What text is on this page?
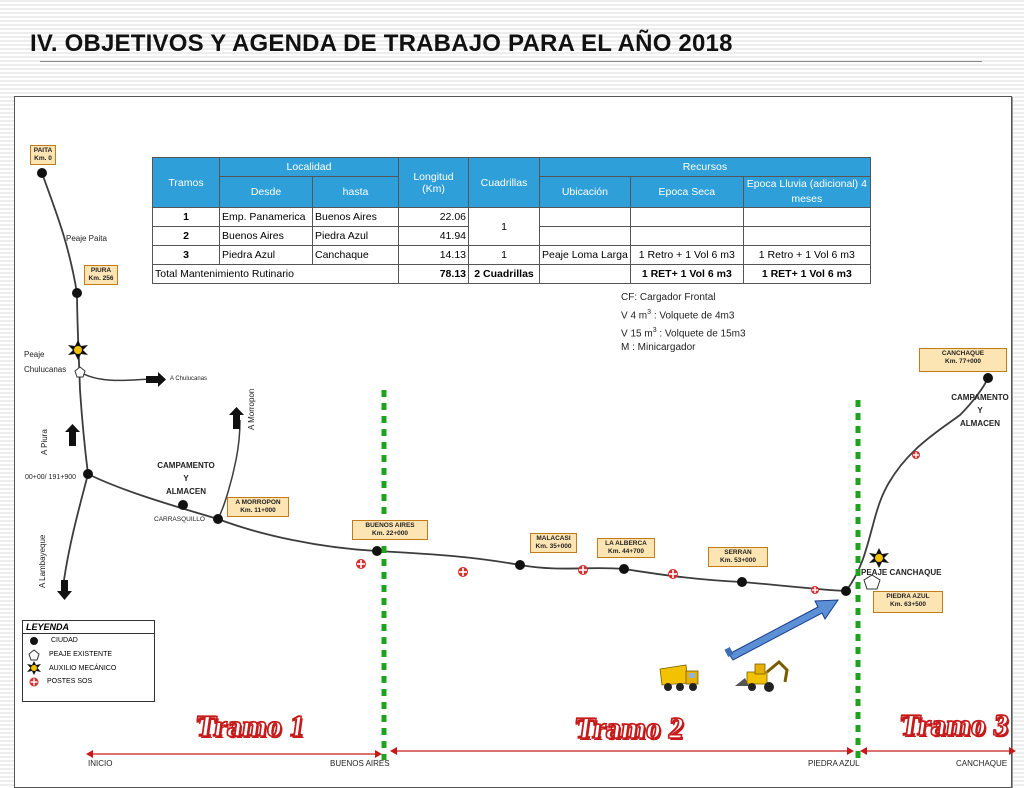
IV. OBJETIVOS Y AGENDA DE TRABAJO PARA EL AÑO 2018
PAITA
Km. 0
PIURA
Km. 256
A MORROPON
Km. 11+000
BUENOS AIRES
Km. 22+000
MALACASI
Km. 35+000	LA ALBERCA
Km. 44+700	SERRAN
Km. 53+000
PIEDRA AZUL
Km. 63+500
CANCHAQUE
Km. 77+000
Peaje Paita
Peaje
Chulucanas
A Chulucanas
A Morropon
A Piura
00+00/ 191+900
A Lambayeque
CAMPAMENTO
Y
ALMACEN
CARRASQUILLO
CAMPAMENTO
Y
ALMACEN
PEAJE CANCHAQUE
Tramos	Localidad		Longitud (Km)	Cuadrillas	Recursos		
	Desde	hasta			Ubicación	Epoca Seca	Epoca Lluvia (adicional) 4 meses
1	Emp. Panamerica	Buenos Aires	22.06	1			
2	Buenos Aires	Piedra Azul	41.94				
3	Piedra Azul	Canchaque	14.13	1	Peaje Loma Larga	1 Retro + 1 Vol 6 m3	1 Retro + 1 Vol 6 m3
Total Mantenimiento Rutinario			78.13	2 Cuadrillas		1 RET+ 1 Vol 6 m3	1 RET+ 1 Vol 6 m3
CF: Cargador Frontal
V 4 $m^3$ : Volquete de 4m3
V 15 $m^3$ : Volquete de 15m3
M : Minicargador
LEYENDA
CIUDAD
PEAJE EXISTENTE
AUXILIO MECÁNICO
POSTES SOS
Tramo 1	Tramo 2	Tramo 3
INICIO	BUENOS AIRES	PIEDRA AZUL	CANCHAQUE
